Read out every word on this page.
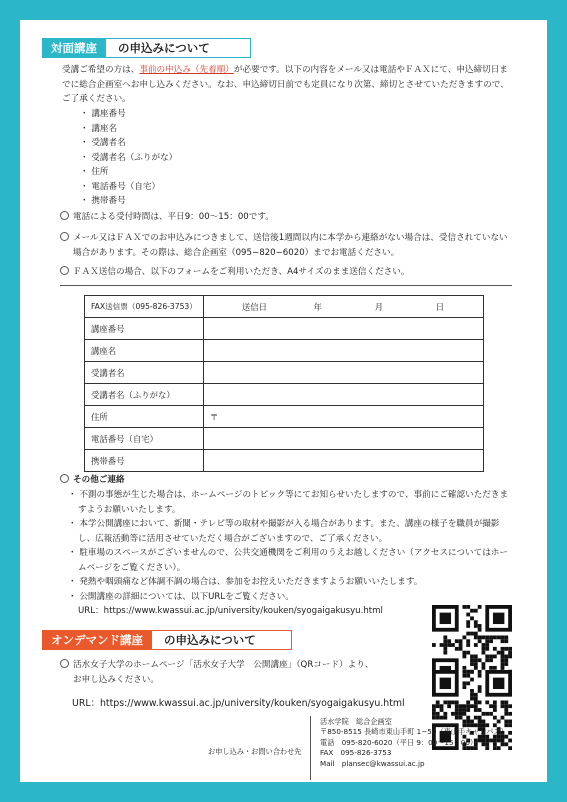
対面講座	の申込みについて
受講ご希望の方は、事前の申込み（先着順）が必要です。以下の内容をメール又は電話やＦＡＸにて、申込締切日までに総合企画室へお申し込みください。なお、申込締切日前でも定員になり次第、締切とさせていただきますので、ご了承ください。
・ 講座番号
・ 講座名
・ 受講者名
・ 受講者名（ふりがな）
・ 住所
・ 電話番号（自宅）
・ 携帯番号
電話による受付時間は、平日9：00〜15：00です。
メール又はＦＡＸでのお申込みにつきまして、送信後1週間以内に本学から連絡がない場合は、受信されていない場合があります。その際は、総合企画室（095−820−6020）までお電話ください。
ＦＡＸ送信の場合、以下のフォームをご利用いただき、A4サイズのまま送信ください。
FAX送信票（095-826-3753）	送信日 年 月 日
講座番号	
講座名	
受講者名	
受講者名（ふりがな）	
住所	〒
電話番号（自宅）	
携帯番号	
その他ご連絡
・ 不測の事態が生じた場合は、ホームページのトピック等にてお知らせいたしますので、事前にご確認いただきますようお願いいたします。
・ 本学公開講座において、新聞・テレビ等の取材や撮影が入る場合があります。また、講座の様子を職員が撮影し、広報活動等に活用させていただく場合がございますので、ご了承ください。
・ 駐車場のスペースがございませんので、公共交通機関をご利用のうえお越しください（アクセスについてはホームページをご覧ください）。
・ 発熱や咽頭痛など体調不調の場合は、参加をお控えいただきますようお願いいたします。
・ 公開講座の詳細については、以下URLをご覧ください。
URL：https://www.kwassui.ac.jp/university/kouken/syogaigakusyu.html
オンデマンド講座	の申込みについて
活水女子大学のホームページ「活水女子大学　公開講座」（QRコード）より、
お申し込みください。
URL：https://www.kwassui.ac.jp/university/kouken/syogaigakusyu.html
お申し込み・お問い合わせ先
活水学院　総合企画室
〒850-8515 長崎市東山手町 1−50（東山手キャンパス）
電話　095-820-6020（平日 9：00〜15：00）
FAX　095-826-3753
Mail　plansec@kwassui.ac.jp
